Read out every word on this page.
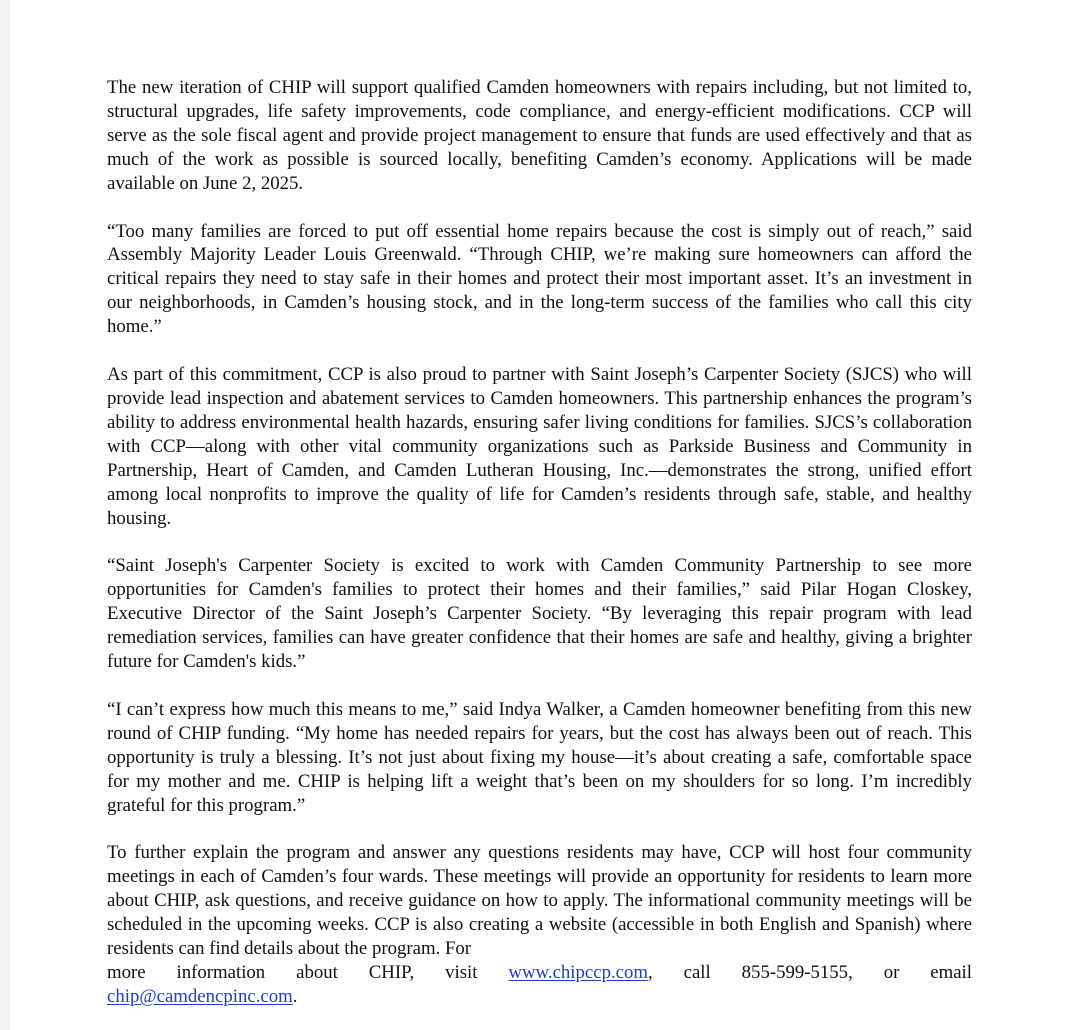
The new iteration of CHIP will support qualified Camden homeowners with repairs including, but not limited to, structural upgrades, life safety improvements, code compliance, and energy-efficient modifications. CCP will serve as the sole fiscal agent and provide project management to ensure that funds are used effectively and that as much of the work as possible is sourced locally, benefiting Camden’s economy. Applications will be made available on June 2, 2025.

“Too many families are forced to put off essential home repairs because the cost is simply out of reach,” said Assembly Majority Leader Louis Greenwald. “Through CHIP, we’re making sure homeowners can afford the critical repairs they need to stay safe in their homes and protect their most important asset. It’s an investment in our neighborhoods, in Camden’s housing stock, and in the long-term success of the families who call this city home.”

As part of this commitment, CCP is also proud to partner with Saint Joseph’s Carpenter Society (SJCS) who will provide lead inspection and abatement services to Camden homeowners. This partnership enhances the program’s ability to address environmental health hazards, ensuring safer living conditions for families. SJCS’s collaboration with CCP—along with other vital community organizations such as Parkside Business and Community in Partnership, Heart of Camden, and Camden Lutheran Housing, Inc.—demonstrates the strong, unified effort among local nonprofits to improve the quality of life for Camden’s residents through safe, stable, and healthy housing.

“Saint Joseph's Carpenter Society is excited to work with Camden Community Partnership to see more opportunities for Camden's families to protect their homes and their families,” said Pilar Hogan Closkey, Executive Director of the Saint Joseph’s Carpenter Society. “By leveraging this repair program with lead remediation services, families can have greater confidence that their homes are safe and healthy, giving a brighter future for Camden's kids.”

“I can’t express how much this means to me,” said Indya Walker, a Camden homeowner benefiting from this new round of CHIP funding. “My home has needed repairs for years, but the cost has always been out of reach. This opportunity is truly a blessing. It’s not just about fixing my house—it’s about creating a safe, comfortable space for my mother and me. CHIP is helping lift a weight that’s been on my shoulders for so long. I’m incredibly grateful for this program.”

To further explain the program and answer any questions residents may have, CCP will host four community meetings in each of Camden’s four wards. These meetings will provide an opportunity for residents to learn more about CHIP, ask questions, and receive guidance on how to apply. The informational community meetings will be scheduled in the upcoming weeks. CCP is also creating a website (accessible in both English and Spanish) where residents can find details about the program. For
more information about CHIP, visit www.chipccp.com, call 855-599-5155, or email
chip@camdencpinc.com.
